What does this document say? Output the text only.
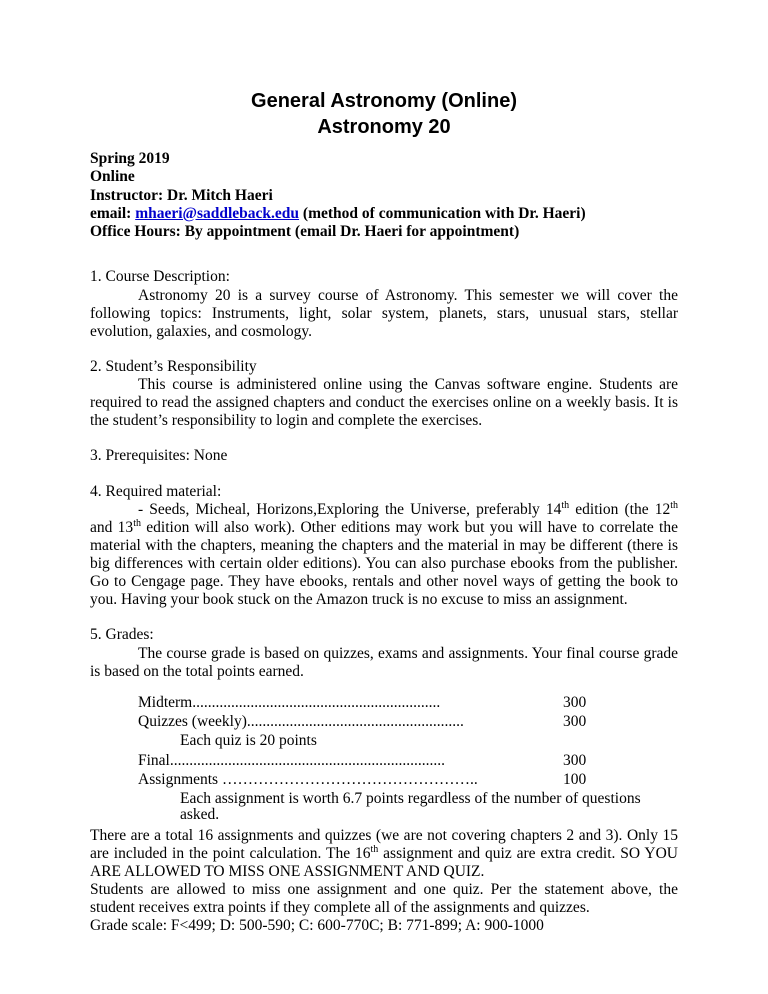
General Astronomy (Online)
Astronomy 20
Spring 2019
Online
Instructor: Dr. Mitch Haeri
email: mhaeri@saddleback.edu (method of communication with Dr. Haeri)
Office Hours: By appointment (email Dr. Haeri for appointment)

1. Course Description:

Astronomy 20 is a survey course of Astronomy. This semester we will cover the following topics: Instruments, light, solar system, planets, stars, unusual stars, stellar evolution, galaxies, and cosmology.

2. Student’s Responsibility

This course is administered online using the Canvas software engine. Students are required to read the assigned chapters and conduct the exercises online on a weekly basis. It is the student’s responsibility to login and complete the exercises.

3. Prerequisites: None

4. Required material:

- Seeds, Micheal, Horizons,Exploring the Universe, preferably 14th edition (the 12th and 13th edition will also work). Other editions may work but you will have to correlate the material with the chapters, meaning the chapters and the material in may be different (there is big differences with certain older editions). You can also purchase ebooks from the publisher. Go to Cengage page. They have ebooks, rentals and other novel ways of getting the book to you. Having your book stuck on the Amazon truck is no excuse to miss an assignment.

5. Grades:

The course grade is based on quizzes, exams and assignments. Your final course grade is based on the total points earned.

Midterm................................................................	300
Quizzes (weekly)........................................................	300
Each quiz is 20 points
Final.......................................................................	300
Assignments …………………………………………..	100
Each assignment is worth 6.7 points regardless of the number of questions asked.

There are a total 16 assignments and quizzes (we are not covering chapters 2 and 3). Only 15 are included in the point calculation. The 16th assignment and quiz are extra credit. SO YOU ARE ALLOWED TO MISS ONE ASSIGNMENT AND QUIZ.

Students are allowed to miss one assignment and one quiz. Per the statement above, the student receives extra points if they complete all of the assignments and quizzes.

Grade scale: F<499; D: 500-590; C: 600-770C; B: 771-899; A: 900-1000
